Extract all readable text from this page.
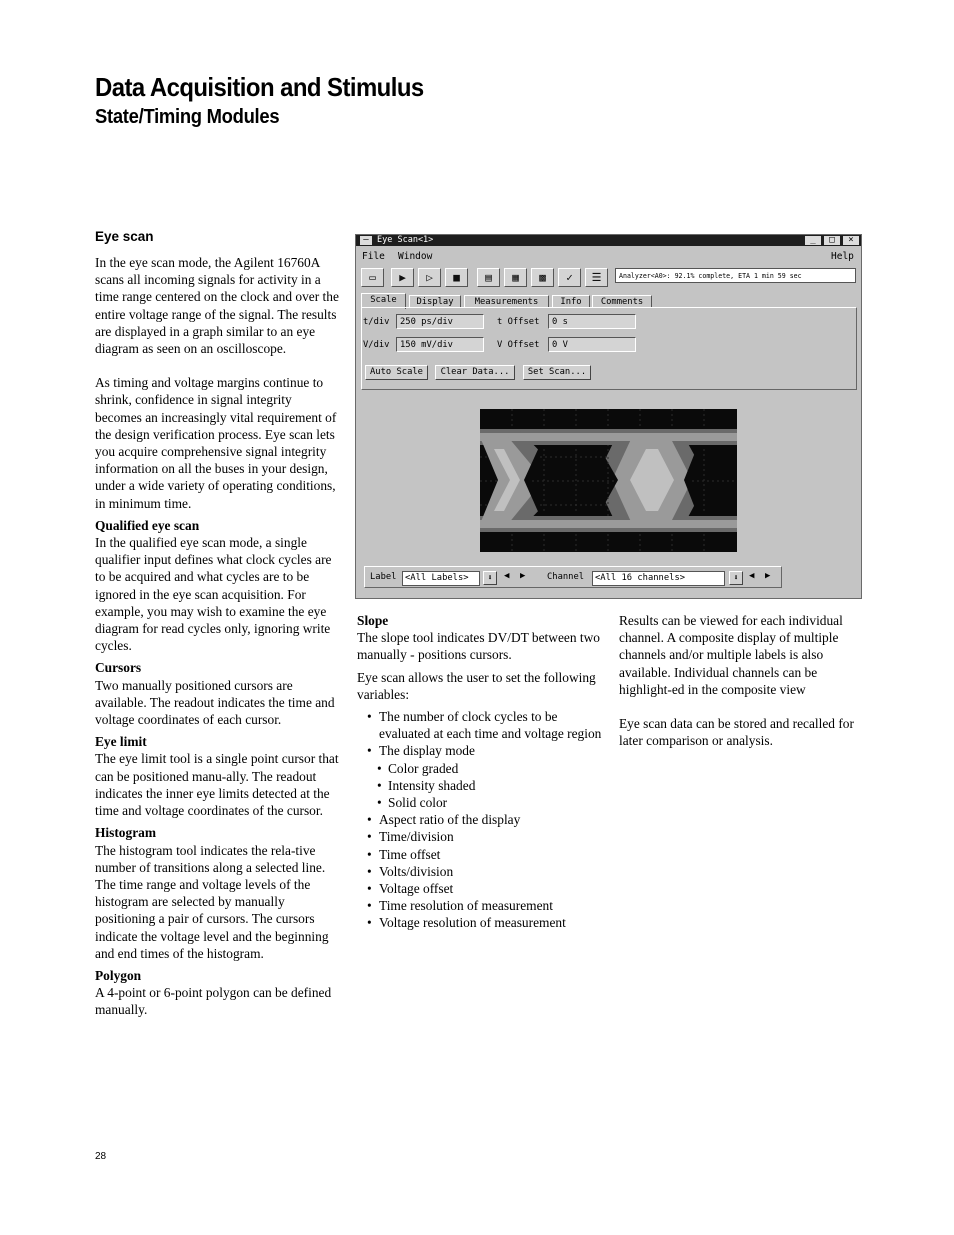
Data Acquisition and Stimulus
State/Timing Modules
Eye scan

In the eye scan mode, the Agilent 16760A scans all incoming signals for activity in a time range centered on the clock and over the entire voltage range of the signal. The results are displayed in a graph similar to an eye diagram as seen on an oscilloscope.

As timing and voltage margins continue to shrink, confidence in signal integrity becomes an increasingly vital requirement of the design verification process. Eye scan lets you acquire comprehensive signal integrity information on all the buses in your design, under a wide variety of operating conditions, in minimum time.

Qualified eye scan

In the qualified eye scan mode, a single qualifier input defines what clock cycles are to be acquired and what cycles are to be ignored in the eye scan acquisition. For example, you may wish to examine the eye diagram for read cycles only, ignoring write cycles.

Cursors

Two manually positioned cursors are available. The readout indicates the time and voltage coordinates of each cursor.

Eye limit

The eye limit tool is a single point cursor that can be positioned manu-ally. The readout indicates the inner eye limits detected at the time and voltage coordinates of the cursor.

Histogram

The histogram tool indicates the rela-tive number of transitions along a selected line. The time range and voltage levels of the histogram are selected by manually positioning a pair of cursors. The cursors indicate the voltage level and the beginning and end times of the histogram.

Polygon

A 4-point or 6-point polygon can be defined manually.

— Eye Scan<1>	_	□	×
File Window	Help
▭	▶	▷	■	▤	▦	▩	✓	☰	Analyzer<A0>: 92.1% complete, ETA 1 min 59 sec
Scale	Display	Measurements	Info	Comments
t/div	250 ps/div	t Offset	0 s
V/div	150 mV/div	V Offset	0 V
Auto Scale	Clear Data...	Set Scan...
Label <All Labels>	⬇	◀ ▶ Channel	<All 16 channels>	⬇	◀ ▶

Slope

The slope tool indicates DV/DT between two manually - positions cursors.

Eye scan allows the user to set the following variables:

• The number of clock cycles to be evaluated at each time and voltage region
• The display mode
• Color graded
• Intensity shaded
• Solid color
• Aspect ratio of the display
• Time/division
• Time offset
• Volts/division
• Voltage offset
• Time resolution of measurement
• Voltage resolution of measurement

Results can be viewed for each individual channel. A composite display of multiple channels and/or multiple labels is also available. Individual channels can be highlight-ed in the composite view

Eye scan data can be stored and recalled for later comparison or analysis.

28
